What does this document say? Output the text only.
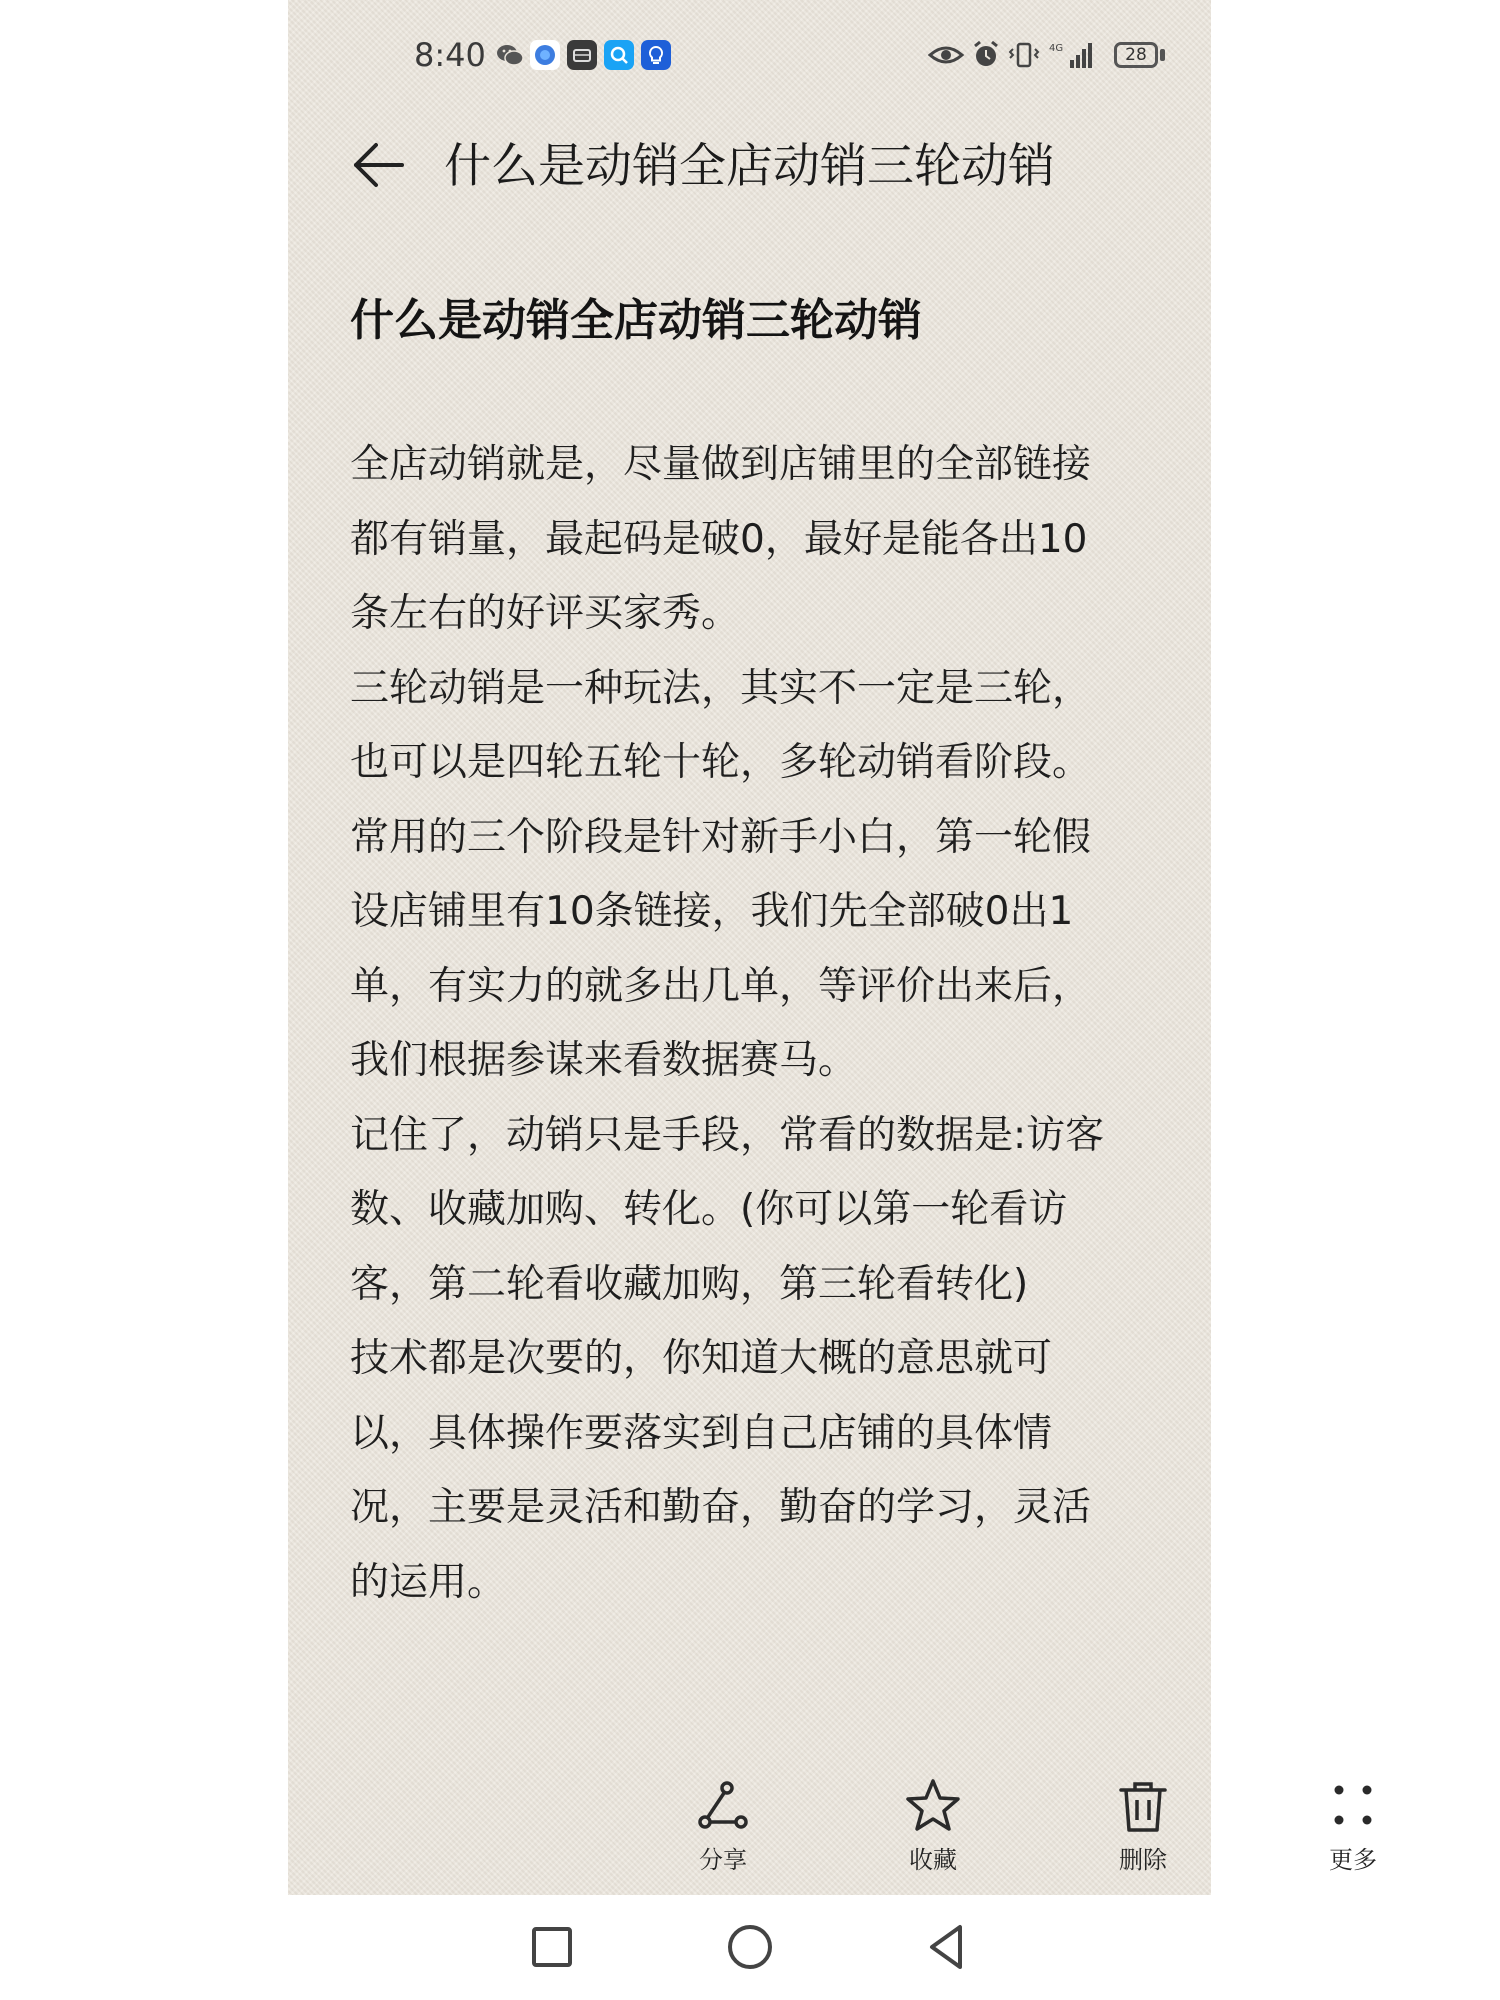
8:40	4G	28
什么是动销全店动销三轮动销
什么是动销全店动销三轮动销
全店动销就是，尽量做到店铺里的全部链接
都有销量，最起码是破0，最好是能各出10
条左右的好评买家秀。
三轮动销是一种玩法，其实不一定是三轮，
也可以是四轮五轮十轮，多轮动销看阶段。
常用的三个阶段是针对新手小白，第一轮假
设店铺里有10条链接，我们先全部破0出1
单，有实力的就多出几单，等评价出来后，
我们根据参谋来看数据赛马。
记住了，动销只是手段，常看的数据是:访客
数、收藏加购、转化。(你可以第一轮看访
客，第二轮看收藏加购，第三轮看转化)
技术都是次要的，你知道大概的意思就可
以，具体操作要落实到自己店铺的具体情
况，主要是灵活和勤奋，勤奋的学习，灵活
的运用。
分享	收藏	删除	更多
